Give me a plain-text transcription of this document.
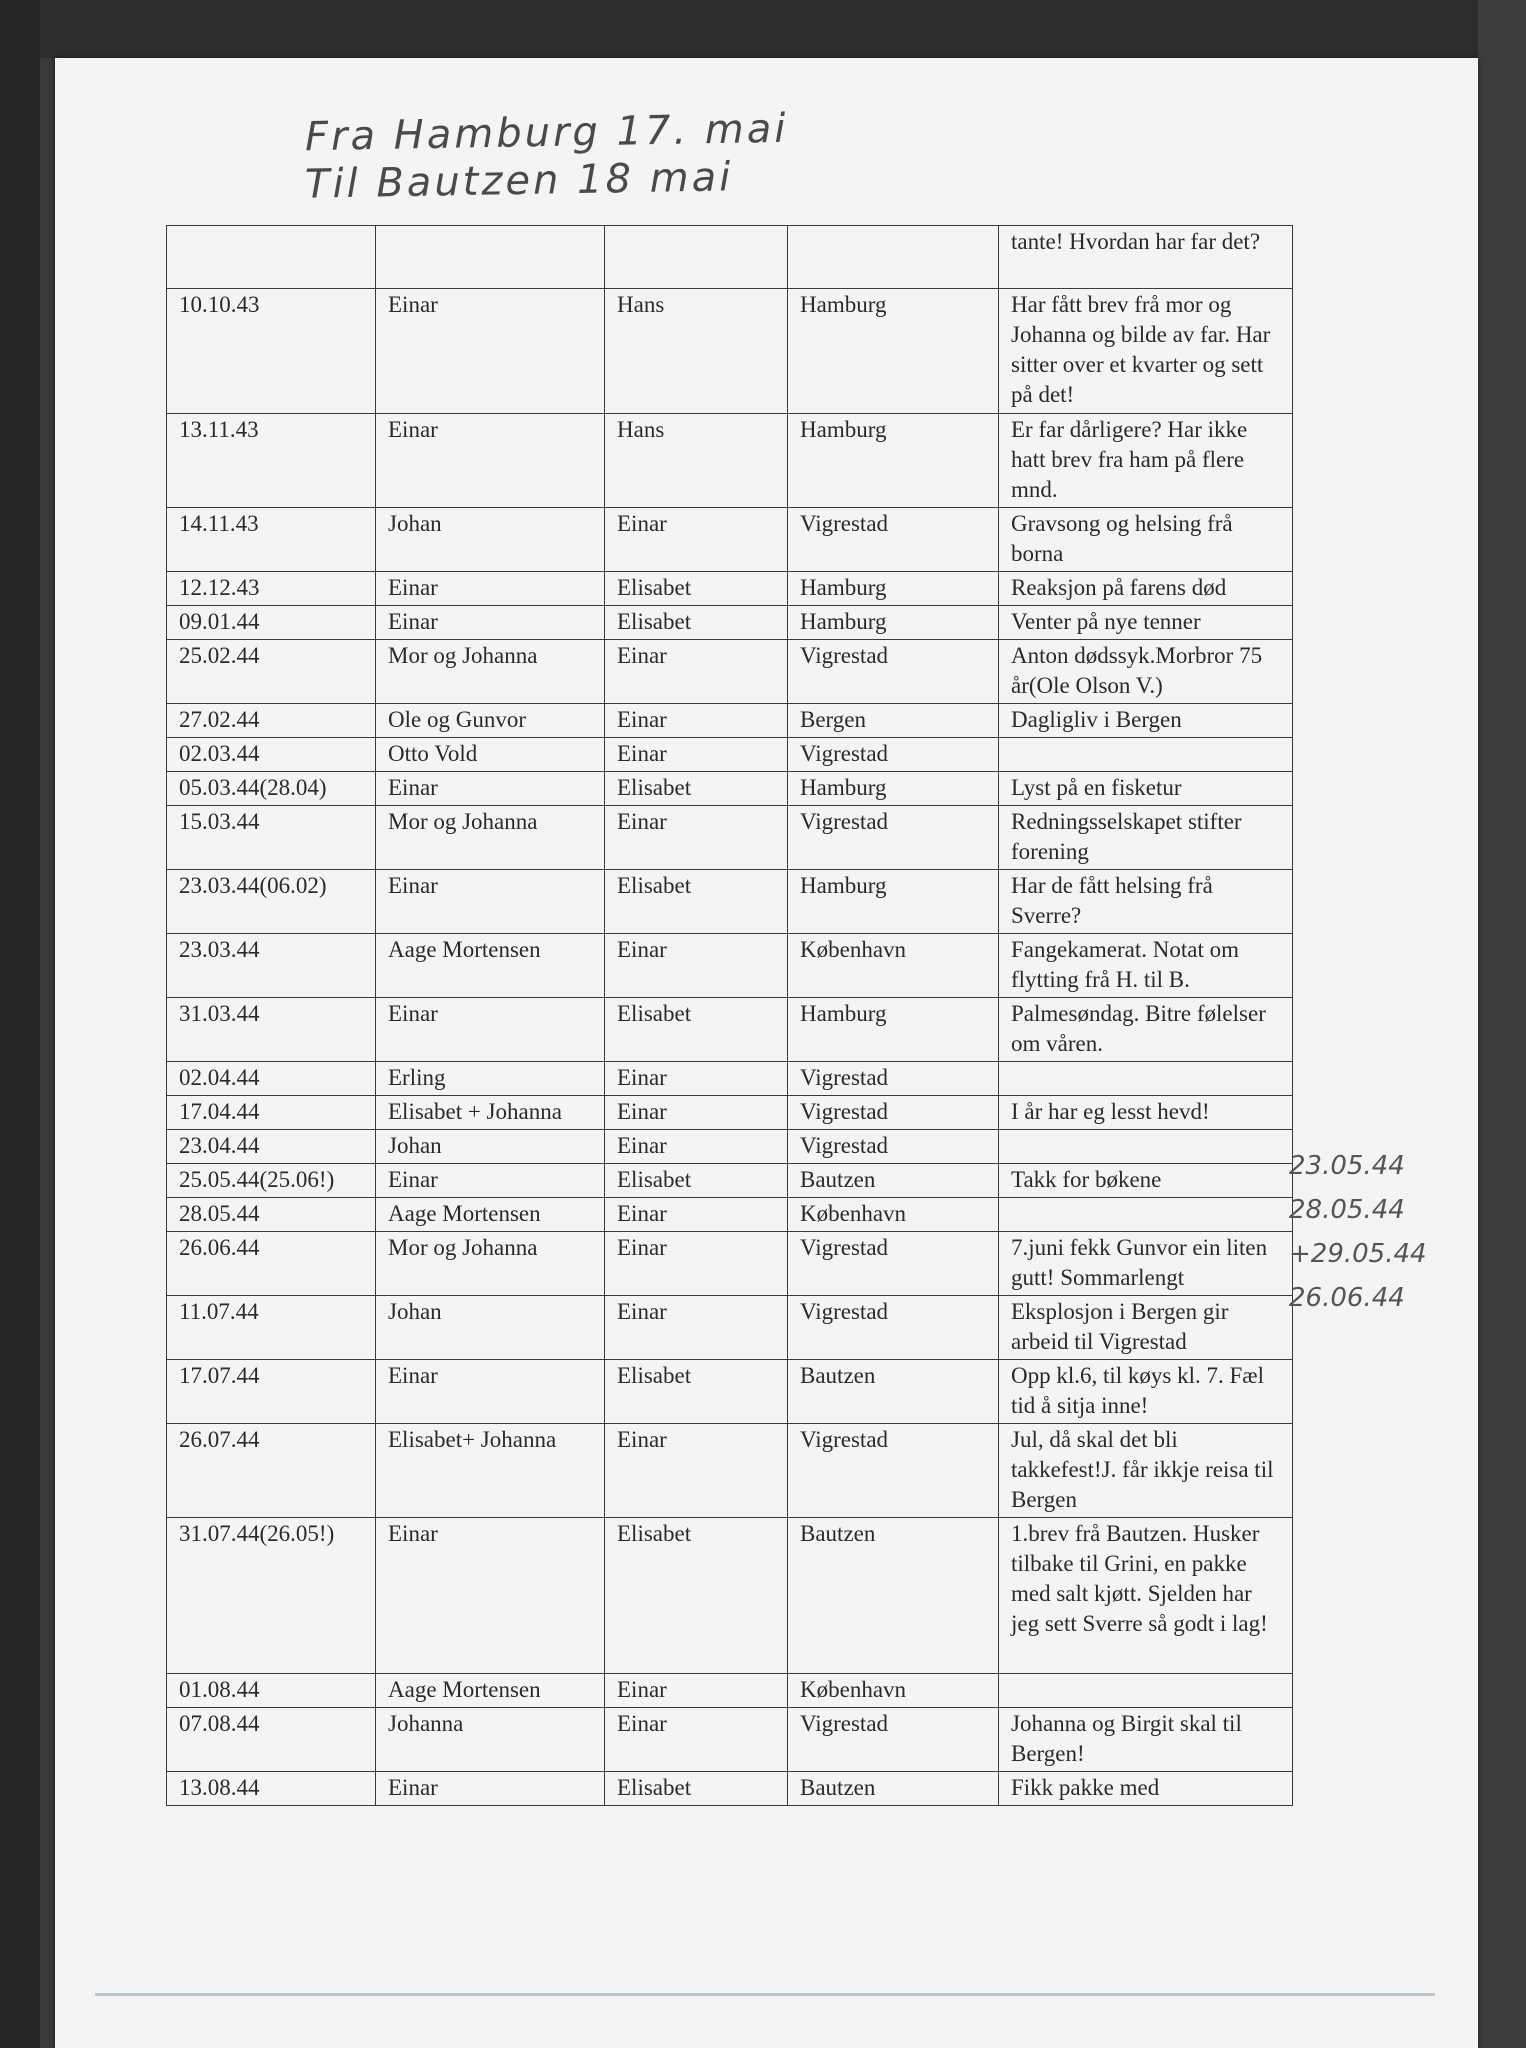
Fra Hamburg 17. mai
Til Bautzen 18 mai
				tante! Hvordan har far det?
10.10.43	Einar	Hans	Hamburg	Har fått brev frå mor og Johanna og bilde av far. Har sitter over et kvarter og sett på det!
13.11.43	Einar	Hans	Hamburg	Er far dårligere? Har ikke hatt brev fra ham på flere mnd.
14.11.43	Johan	Einar	Vigrestad	Gravsong og helsing frå borna
12.12.43	Einar	Elisabet	Hamburg	Reaksjon på farens død
09.01.44	Einar	Elisabet	Hamburg	Venter på nye tenner
25.02.44	Mor og Johanna	Einar	Vigrestad	Anton dødssyk.Morbror 75 år(Ole Olson V.)
27.02.44	Ole og Gunvor	Einar	Bergen	Dagligliv i Bergen
02.03.44	Otto Vold	Einar	Vigrestad	
05.03.44(28.04)	Einar	Elisabet	Hamburg	Lyst på en fisketur
15.03.44	Mor og Johanna	Einar	Vigrestad	Redningsselskapet stifter forening
23.03.44(06.02)	Einar	Elisabet	Hamburg	Har de fått helsing frå Sverre?
23.03.44	Aage Mortensen	Einar	København	Fangekamerat. Notat om flytting frå H. til B.
31.03.44	Einar	Elisabet	Hamburg	Palmesøndag. Bitre følelser om våren.
02.04.44	Erling	Einar	Vigrestad	
17.04.44	Elisabet + Johanna	Einar	Vigrestad	I år har eg lesst hevd!
23.04.44	Johan	Einar	Vigrestad	
25.05.44(25.06!)	Einar	Elisabet	Bautzen	Takk for bøkene
28.05.44	Aage Mortensen	Einar	København	
26.06.44	Mor og Johanna	Einar	Vigrestad	7.juni fekk Gunvor ein liten gutt! Sommarlengt
11.07.44	Johan	Einar	Vigrestad	Eksplosjon i Bergen gir arbeid til Vigrestad
17.07.44	Einar	Elisabet	Bautzen	Opp kl.6, til køys kl. 7. Fæl tid å sitja inne!
26.07.44	Elisabet+ Johanna	Einar	Vigrestad	Jul, då skal det bli takkefest!J. får ikkje reisa til Bergen
31.07.44(26.05!)	Einar	Elisabet	Bautzen	1.brev frå Bautzen. Husker tilbake til Grini, en pakke med salt kjøtt. Sjelden har jeg sett Sverre så godt i lag!
01.08.44	Aage Mortensen	Einar	København	
07.08.44	Johanna	Einar	Vigrestad	Johanna og Birgit skal til Bergen!
13.08.44	Einar	Elisabet	Bautzen	Fikk pakke med
23.05.44
28.05.44
+29.05.44
26.06.44
